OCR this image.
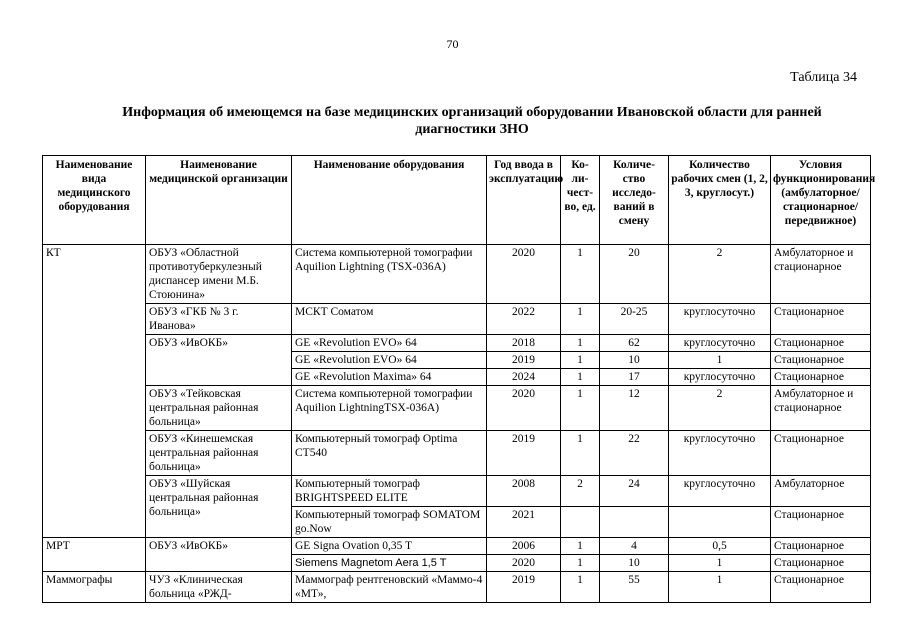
70
Таблица 34
Информация об имеющемся на базе медицинских организаций оборудовании Ивановской области для ранней
диагностики ЗНО
Наименование вида медицинского оборудования	Наименование медицинской организации	Наименование оборудования	Год ввода в эксплуатацию	Ко-ли-чест-во, ед.	Количе-ство исследо-ваний в смену	Количество рабочих смен (1, 2, 3, круглосут.)	Условия функционирования (амбулаторное/ стационарное/ передвижное)
КТ	ОБУЗ «Областной противотуберкулезный диспансер имени М.Б. Стоюнина»	Система компьютерной томографии Aquilion Lightning (TSX-036A)	2020	1	20	2	Амбулаторное и стационарное
	ОБУЗ «ГКБ № 3 г. Иванова»	МСКТ Соматом	2022	1	20-25	круглосуточно	Стационарное
	ОБУЗ «ИвОКБ»	GE «Revolution EVO» 64	2018	1	62	круглосуточно	Стационарное
		GE «Revolution EVO» 64	2019	1	10	1	Стационарное
		GE «Revolution Maxima» 64	2024	1	17	круглосуточно	Стационарное
	ОБУЗ «Тейковская центральная районная больница»	Система компьютерной томографии Aquilion LightningTSX-036A)	2020	1	12	2	Амбулаторное и стационарное
	ОБУЗ «Кинешемская центральная районная больница»	Компьютерный томограф Optima CT540	2019	1	22	круглосуточно	Стационарное
	ОБУЗ «Шуйская центральная районная больница»	Компьютерный томограф BRIGHTSPEED ELITE	2008	2	24	круглосуточно	Амбулаторное
		Компьютерный томограф SOMATOM go.Now	2021				Стационарное
МРТ	ОБУЗ «ИвОКБ»	GE Signa Ovation 0,35 T	2006	1	4	0,5	Стационарное
		Siemens Magnetom Aera 1,5 T	2020	1	10	1	Стационарное
Маммографы	ЧУЗ «Клиническая больница «РЖД-	Маммограф рентгеновский «Маммо-4 «МТ»,	2019	1	55	1	Стационарное
